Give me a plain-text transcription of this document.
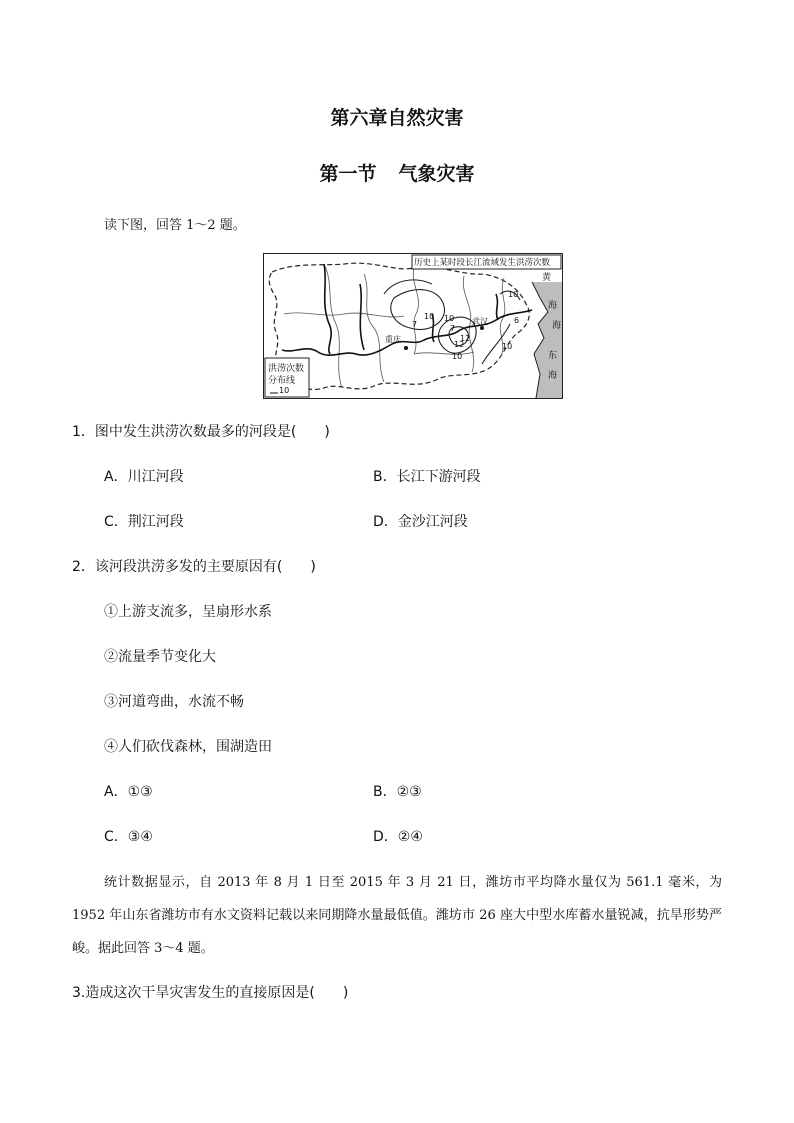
第六章自然灾害
第一节 气象灾害
读下图，回答 1～2 题。
历史上某时段长江流域发生洪涝次数
洪涝次数
分布线
10
重庆
武汉
黄
海
海
东
海
10
7	7
10
12
10
12
10
10
6
1．图中发生洪涝次数最多的河段是(　　)
A．川江河段	B．长江下游河段
C．荆江河段	D．金沙江河段
2．该河段洪涝多发的主要原因有(　　)
①上游支流多，呈扇形水系
②流量季节变化大
③河道弯曲，水流不畅
④人们砍伐森林，围湖造田
A．①③	B．②③
C．③④	D．②④
统计数据显示，自 2013 年 8 月 1 日至 2015 年 3 月 21 日，潍坊市平均降水量仅为 561.1 毫米，为 1952 年山东省潍坊市有水文资料记载以来同期降水量最低值。潍坊市 26 座大中型水库蓄水量锐减，抗旱形势严峻。据此回答 3～4 题。
3.造成这次干旱灾害发生的直接原因是(　　)
